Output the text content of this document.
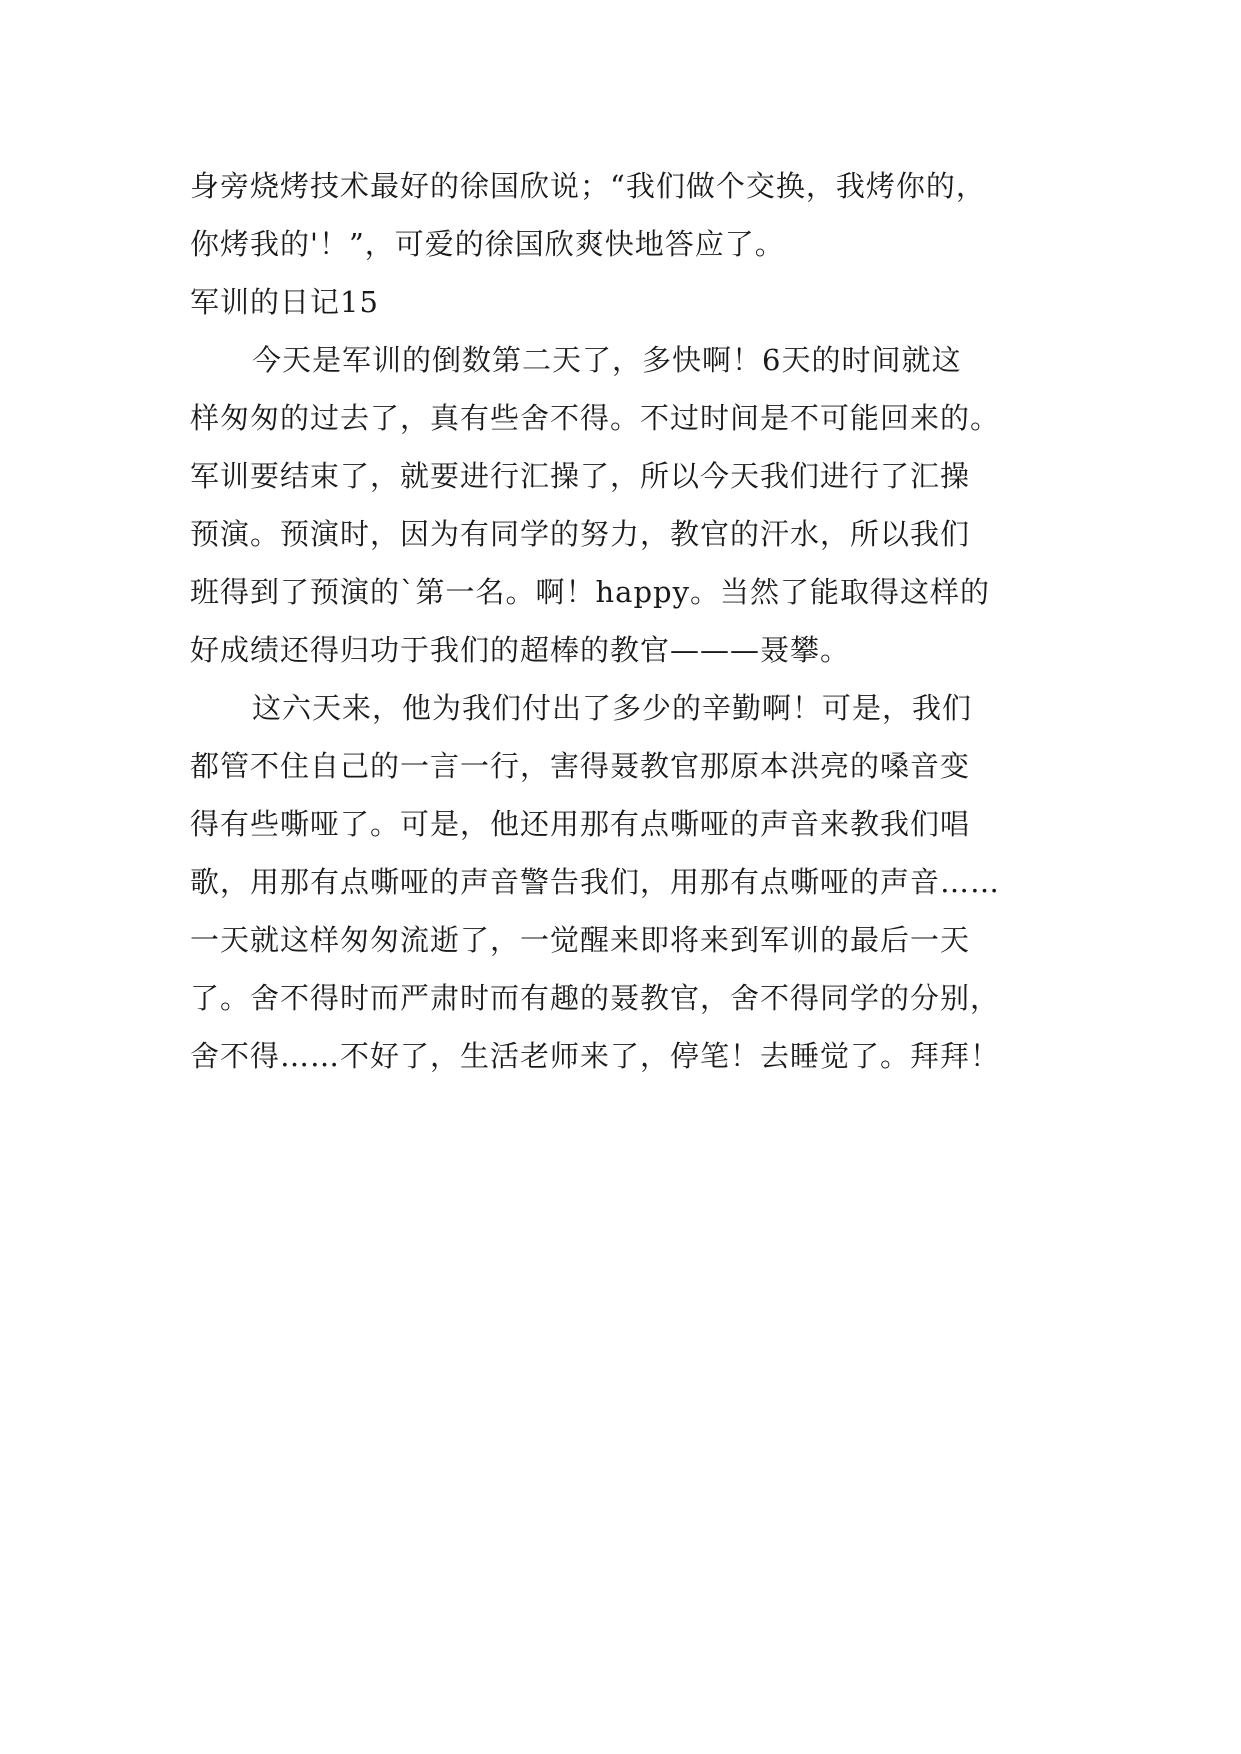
身旁烧烤技术最好的徐国欣说；“我们做个交换，我烤你的，
你烤我的'！”，可爱的徐国欣爽快地答应了。
军训的日记15
今天是军训的倒数第二天了，多快啊！6天的时间就这
样匆匆的过去了，真有些舍不得。不过时间是不可能回来的。
军训要结束了，就要进行汇操了，所以今天我们进行了汇操
预演。预演时，因为有同学的努力，教官的汗水，所以我们
班得到了预演的`第一名。啊！happy。当然了能取得这样的
好成绩还得归功于我们的超棒的教官———聂攀。
这六天来，他为我们付出了多少的辛勤啊！可是，我们
都管不住自己的一言一行，害得聂教官那原本洪亮的嗓音变
得有些嘶哑了。可是，他还用那有点嘶哑的声音来教我们唱
歌，用那有点嘶哑的声音警告我们，用那有点嘶哑的声音……
一天就这样匆匆流逝了，一觉醒来即将来到军训的最后一天
了。舍不得时而严肃时而有趣的聂教官，舍不得同学的分别，
舍不得……不好了，生活老师来了，停笔！去睡觉了。拜拜！
